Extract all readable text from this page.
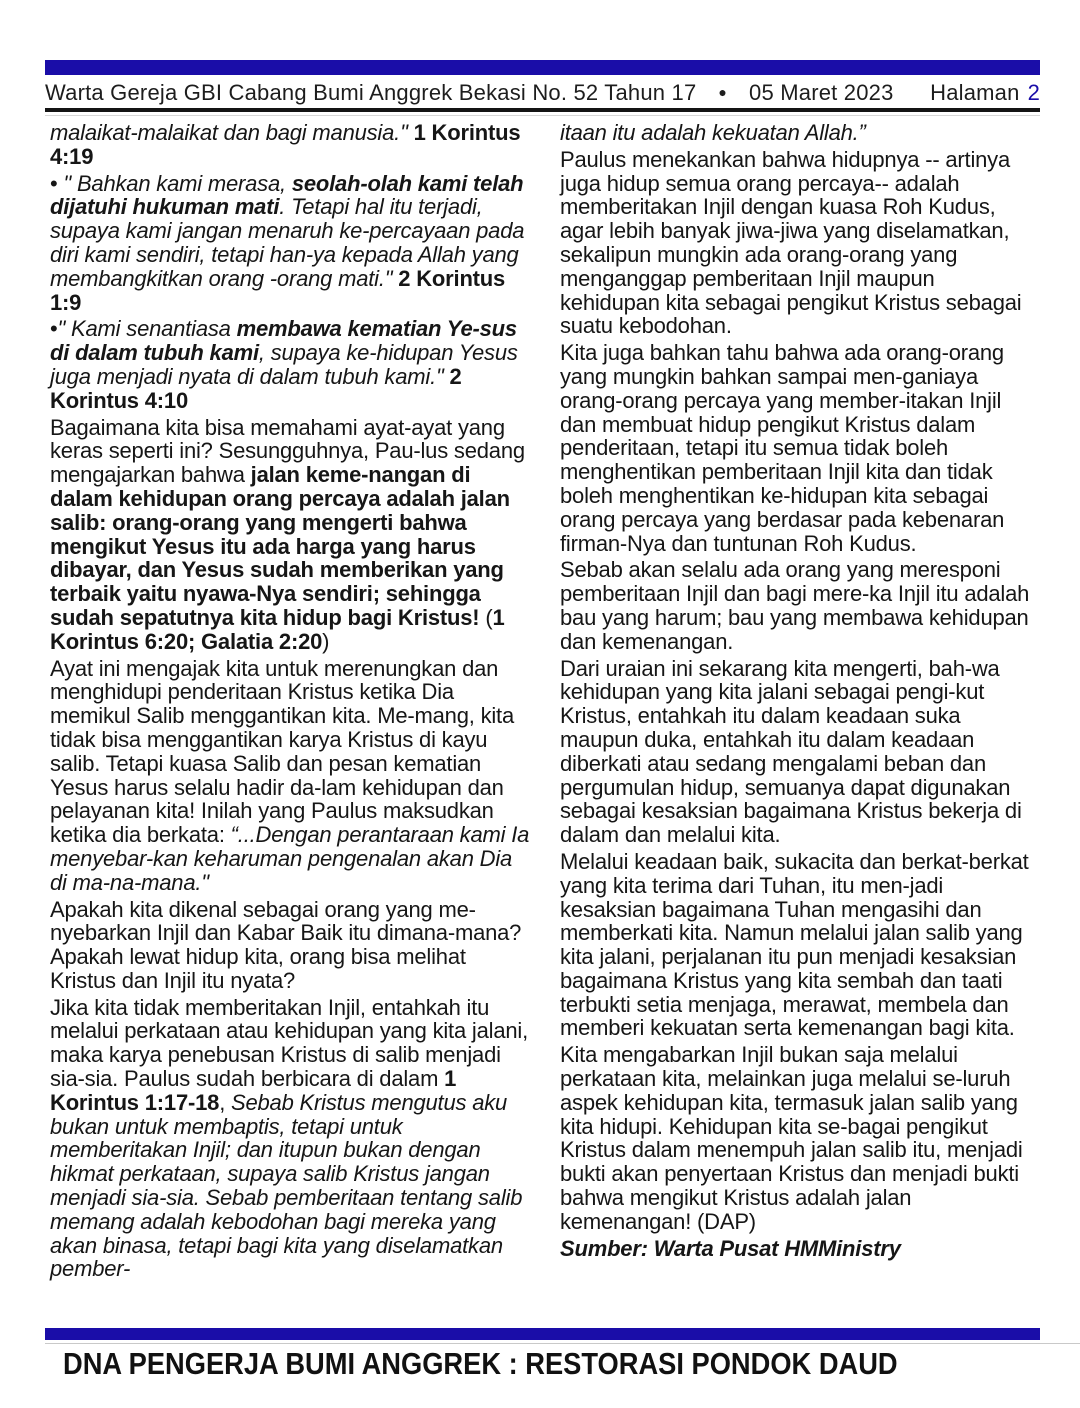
Warta Gereja GBI Cabang Bumi Anggrek Bekasi No. 52 Tahun 17 ● 05 Maret 2023 Halaman 2

malaikat-malaikat dan bagi manusia." 1 Korintus 4:19

• " Bahkan kami merasa, seolah-olah kami telah dijatuhi hukuman mati. Tetapi hal itu terjadi, supaya kami jangan menaruh ke-percayaan pada diri kami sendiri, tetapi han-ya kepada Allah yang membangkitkan orang -orang mati." 2 Korintus 1:9

•" Kami senantiasa membawa kematian Ye-sus di dalam tubuh kami, supaya ke-hidupan Yesus juga menjadi nyata di dalam tubuh kami." 2 Korintus 4:10

Bagaimana kita bisa memahami ayat-ayat yang keras seperti ini? Sesungguhnya, Pau-lus sedang mengajarkan bahwa jalan keme-nangan di dalam kehidupan orang percaya adalah jalan salib: orang-orang yang mengerti bahwa mengikut Yesus itu ada harga yang harus dibayar, dan Yesus sudah memberikan yang terbaik yaitu nyawa-Nya sendiri; sehingga sudah sepatutnya kita hidup bagi Kristus! (1 Korintus 6:20; Galatia 2:20)

Ayat ini mengajak kita untuk merenungkan dan menghidupi penderitaan Kristus ketika Dia memikul Salib menggantikan kita. Me-mang, kita tidak bisa menggantikan karya Kristus di kayu salib. Tetapi kuasa Salib dan pesan kematian Yesus harus selalu hadir da-lam kehidupan dan pelayanan kita! Inilah yang Paulus maksudkan ketika dia berkata: “...Dengan perantaraan kami Ia menyebar-kan keharuman pengenalan akan Dia di ma-na-mana."

Apakah kita dikenal sebagai orang yang me-nyebarkan Injil dan Kabar Baik itu dimana-mana? Apakah lewat hidup kita, orang bisa melihat Kristus dan Injil itu nyata?

Jika kita tidak memberitakan Injil, entahkah itu melalui perkataan atau kehidupan yang kita jalani, maka karya penebusan Kristus di salib menjadi sia-sia. Paulus sudah berbicara di dalam 1 Korintus 1:17-18, Sebab Kristus mengutus aku bukan untuk membaptis, tetapi untuk memberitakan Injil; dan itupun bukan dengan hikmat perkataan, supaya salib Kristus jangan menjadi sia-sia. Sebab pemberitaan tentang salib memang adalah kebodohan bagi mereka yang akan binasa, tetapi bagi kita yang diselamatkan pember-

itaan itu adalah kekuatan Allah.”

Paulus menekankan bahwa hidupnya -- artinya juga hidup semua orang percaya-- adalah memberitakan Injil dengan kuasa Roh Kudus, agar lebih banyak jiwa-jiwa yang diselamatkan, sekalipun mungkin ada orang-orang yang menganggap pemberitaan Injil maupun kehidupan kita sebagai pengikut Kristus sebagai suatu kebodohan.

Kita juga bahkan tahu bahwa ada orang-orang yang mungkin bahkan sampai men-ganiaya orang-orang percaya yang member-itakan Injil dan membuat hidup pengikut Kristus dalam penderitaan, tetapi itu semua tidak boleh menghentikan pemberitaan Injil kita dan tidak boleh menghentikan ke-hidupan kita sebagai orang percaya yang berdasar pada kebenaran firman-Nya dan tuntunan Roh Kudus.

Sebab akan selalu ada orang yang meresponi pemberitaan Injil dan bagi mere-ka Injil itu adalah bau yang harum; bau yang membawa kehidupan dan kemenangan.

Dari uraian ini sekarang kita mengerti, bah-wa kehidupan yang kita jalani sebagai pengi-kut Kristus, entahkah itu dalam keadaan suka maupun duka, entahkah itu dalam keadaan diberkati atau sedang mengalami beban dan pergumulan hidup, semuanya dapat digunakan sebagai kesaksian bagaimana Kristus bekerja di dalam dan melalui kita.

Melalui keadaan baik, sukacita dan berkat-berkat yang kita terima dari Tuhan, itu men-jadi kesaksian bagaimana Tuhan mengasihi dan memberkati kita. Namun melalui jalan salib yang kita jalani, perjalanan itu pun menjadi kesaksian bagaimana Kristus yang kita sembah dan taati terbukti setia menjaga, merawat, membela dan memberi kekuatan serta kemenangan bagi kita.

Kita mengabarkan Injil bukan saja melalui perkataan kita, melainkan juga melalui se-luruh aspek kehidupan kita, termasuk jalan salib yang kita hidupi. Kehidupan kita se-bagai pengikut Kristus dalam menempuh jalan salib itu, menjadi bukti akan penyertaan Kristus dan menjadi bukti bahwa mengikut Kristus adalah jalan kemenangan! (DAP)

Sumber: Warta Pusat HMMinistry

DNA PENGERJA BUMI ANGGREK : RESTORASI PONDOK DAUD
